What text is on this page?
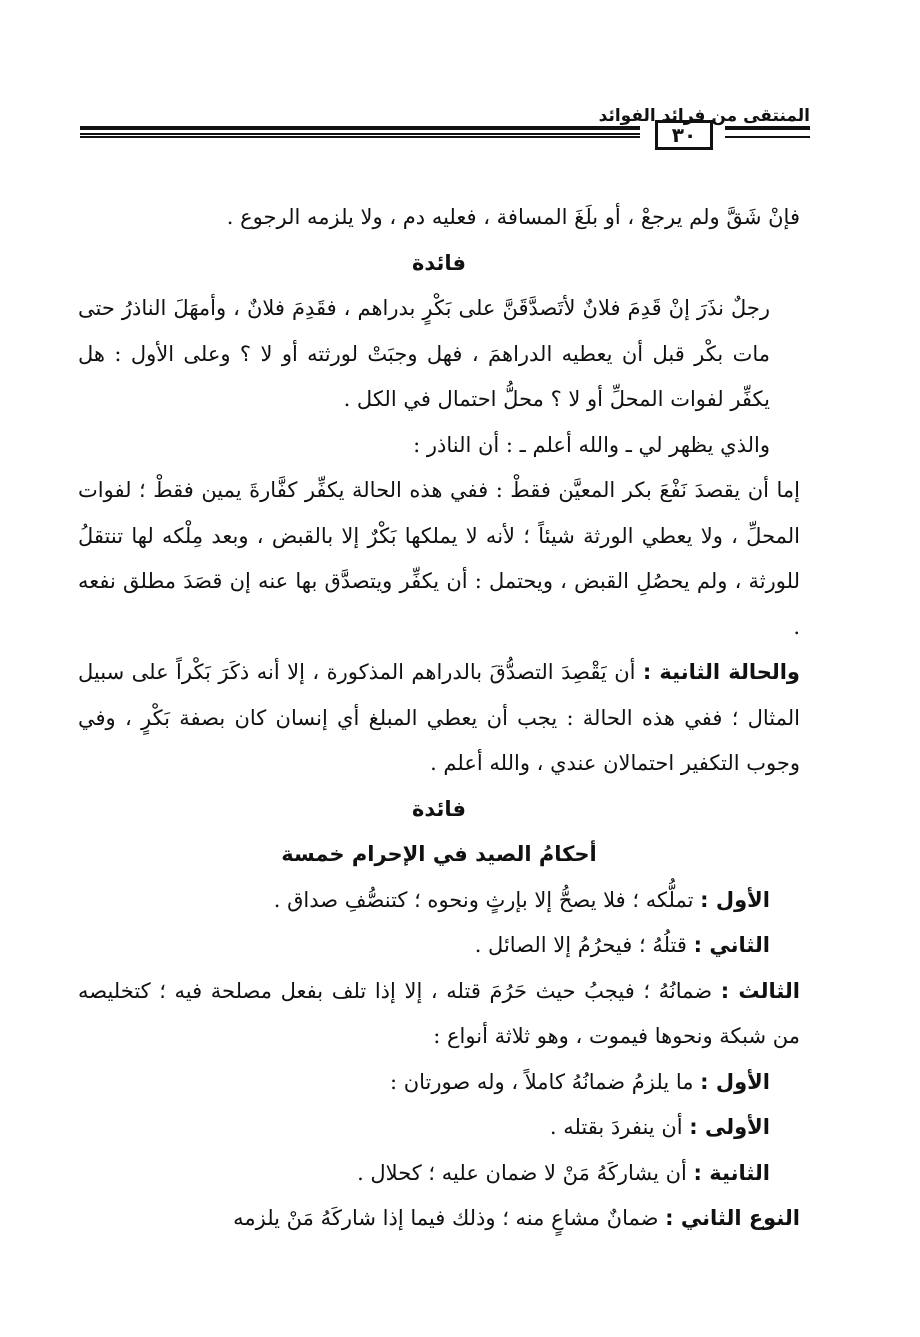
المنتقى من فرائد الفوائد
٣٠

فإنْ شَقَّ ولم يرجعْ ، أو بلَغَ المسافة ، فعليه دم ، ولا يلزمه الرجوع .

فائدة

رجلٌ نذَرَ إنْ قَدِمَ فلانٌ لأتَصدَّقَنَّ على بَكْرٍ بدراهم ، فقَدِمَ فلانٌ ، وأمهَلَ الناذرُ حتى مات بكْر قبل أن يعطيه الدراهمَ ، فهل وجبَتْ لورثته أو لا ؟ وعلى الأول : هل يكفِّر لفوات المحلِّ أو لا ؟ محلُّ احتمال في الكل .

والذي يظهر لي ـ والله أعلم ـ : أن الناذر :

إما أن يقصدَ نَفْعَ بكر المعيَّن فقطْ : ففي هذه الحالة يكفِّر كفَّارةَ يمين فقطْ ؛ لفوات المحلِّ ، ولا يعطي الورثة شيئاً ؛ لأنه لا يملكها بَكْرٌ إلا بالقبض ، وبعد مِلْكه لها تنتقلُ للورثة ، ولم يحصُلِ القبض ، ويحتمل : أن يكفِّر ويتصدَّق بها عنه إن قصَدَ مطلق نفعه .

والحالة الثانية : أن يَقْصِدَ التصدُّقَ بالدراهم المذكورة ، إلا أنه ذكَرَ بَكْراً على سبيل المثال ؛ ففي هذه الحالة : يجب أن يعطي المبلغ أي إنسان كان بصفة بَكْرٍ ، وفي وجوب التكفير احتمالان عندي ، والله أعلم .

فائدة

أحكامُ الصيد في الإحرام خمسة

الأول : تملُّكه ؛ فلا يصحُّ إلا بإرثٍ ونحوه ؛ كتنصُّفِ صداق .

الثاني : قتلُهُ ؛ فيحرُمُ إلا الصائل .

الثالث : ضمانُهُ ؛ فيجبُ حيث حَرُمَ قتله ، إلا إذا تلف بفعل مصلحة فيه ؛ كتخليصه من شبكة ونحوها فيموت ، وهو ثلاثة أنواع :

الأول : ما يلزمُ ضمانُهُ كاملاً ، وله صورتان :

الأولى : أن ينفردَ بقتله .

الثانية : أن يشاركَهُ مَنْ لا ضمان عليه ؛ كحلال .

النوع الثاني : ضمانٌ مشاعٍ منه ؛ وذلك فيما إذا شاركَهُ مَنْ يلزمه
